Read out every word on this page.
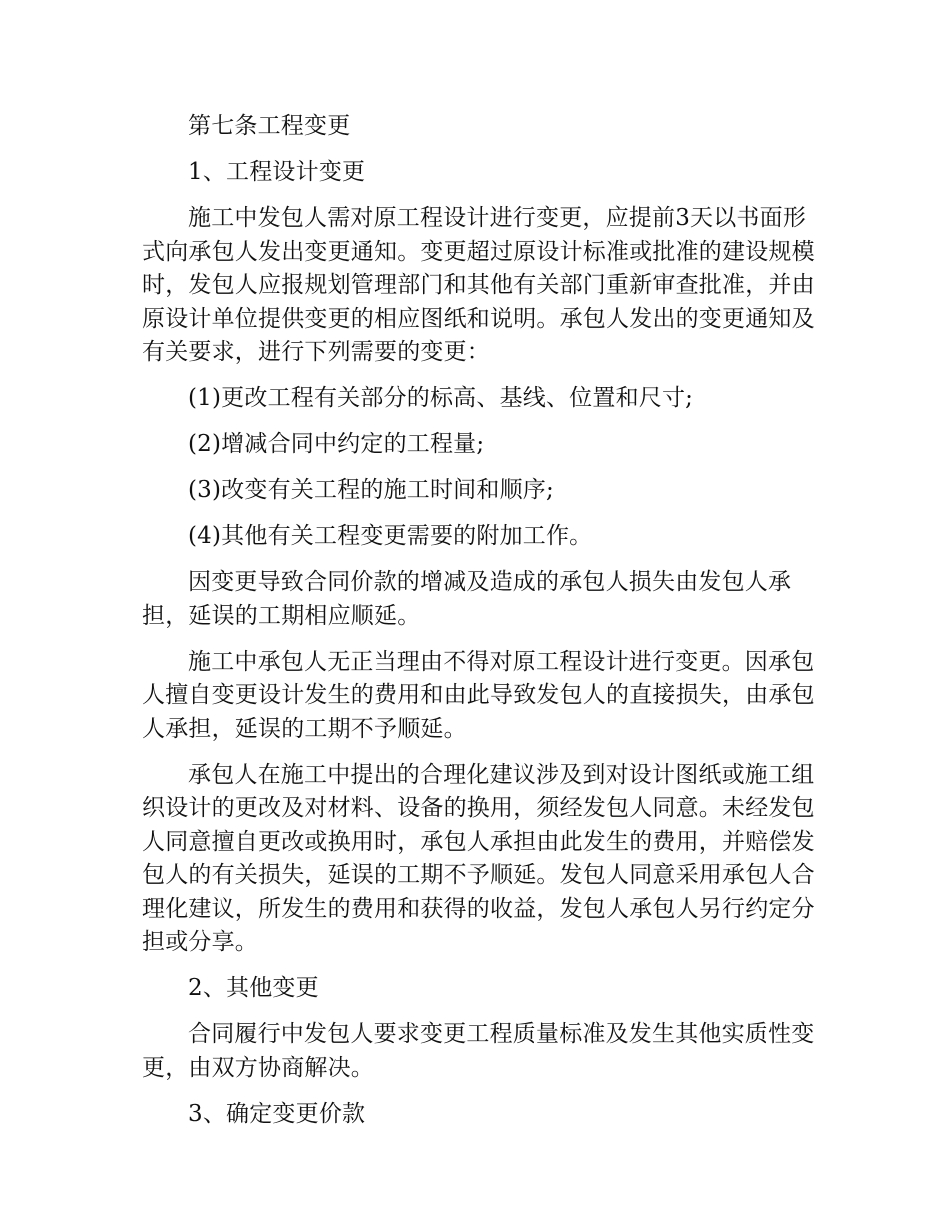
第七条工程变更

1、工程设计变更

施工中发包人需对原工程设计进行变更，应提前3天以书面形式向承包人发出变更通知。变更超过原设计标准或批准的建设规模时，发包人应报规划管理部门和其他有关部门重新审查批准，并由原设计单位提供变更的相应图纸和说明。承包人发出的变更通知及有关要求，进行下列需要的变更：

(1)更改工程有关部分的标高、基线、位置和尺寸;

(2)增减合同中约定的工程量;

(3)改变有关工程的施工时间和顺序;

(4)其他有关工程变更需要的附加工作。

因变更导致合同价款的增减及造成的承包人损失由发包人承担，延误的工期相应顺延。

施工中承包人无正当理由不得对原工程设计进行变更。因承包人擅自变更设计发生的费用和由此导致发包人的直接损失，由承包人承担，延误的工期不予顺延。

承包人在施工中提出的合理化建议涉及到对设计图纸或施工组织设计的更改及对材料、设备的换用，须经发包人同意。未经发包人同意擅自更改或换用时，承包人承担由此发生的费用，并赔偿发包人的有关损失，延误的工期不予顺延。发包人同意采用承包人合理化建议，所发生的费用和获得的收益，发包人承包人另行约定分担或分享。

2、其他变更

合同履行中发包人要求变更工程质量标准及发生其他实质性变更，由双方协商解决。

3、确定变更价款
